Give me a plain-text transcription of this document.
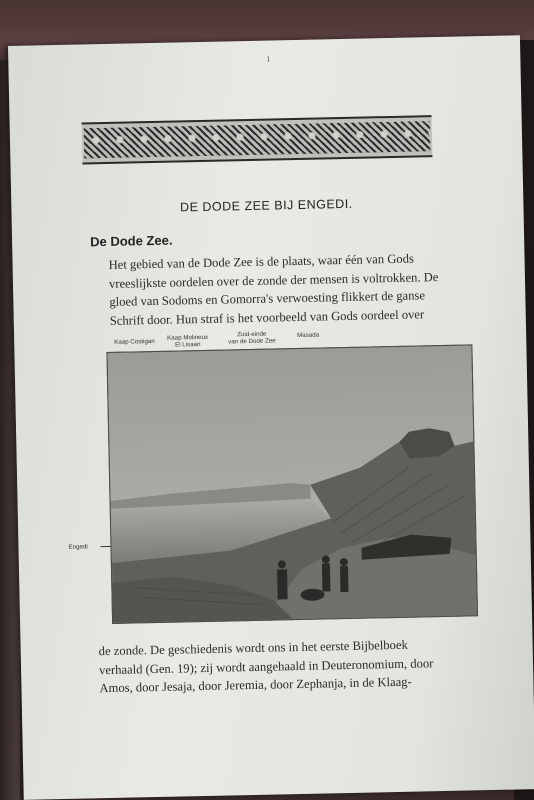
1
DE DODE ZEE BIJ ENGEDI.
De Dode Zee.
Het gebied van de Dode Zee is de plaats, waar één van Gods
vreeslijkste oordelen over de zonde der mensen is voltrokken. De
gloed van Sodoms en Gomorra's verwoesting flikkert de ganse
Schrift door. Hun straf is het voorbeeld van Gods oordeel over
Kaap Costigan
Kaap Molineux
El Lisaan
Zuid-einde
van de Dode Zee
Masada
Engedi
de zonde. De geschiedenis wordt ons in het eerste Bijbelboek
verhaald (Gen. 19); zij wordt aangehaald in Deuteronomium, door
Amos, door Jesaja, door Jeremia, door Zephanja, in de Klaag-
